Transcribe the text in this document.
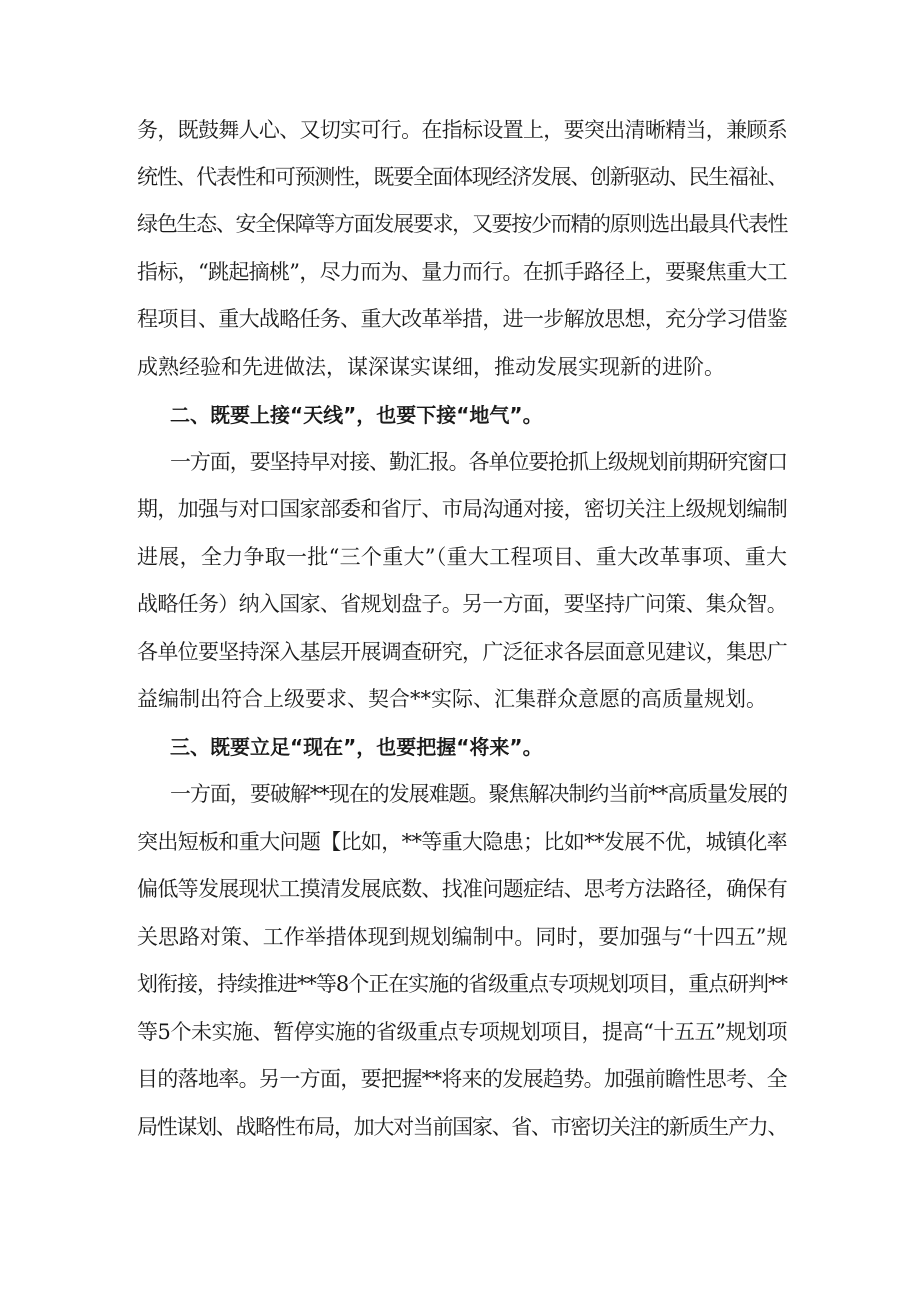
务，既鼓舞人心、又切实可行。在指标设置上，要突出清晰精当，兼顾系
统性、代表性和可预测性，既要全面体现经济发展、创新驱动、民生福祉、
绿色生态、安全保障等方面发展要求，又要按少而精的原则选出最具代表性
指标，“跳起摘桃”，尽力而为、量力而行。在抓手路径上，要聚焦重大工
程项目、重大战略任务、重大改革举措，进一步解放思想，充分学习借鉴
成熟经验和先进做法，谋深谋实谋细，推动发展实现新的进阶。
二、既要上接“天线”，也要下接“地气”。
一方面，要坚持早对接、勤汇报。各单位要抢抓上级规划前期研究窗口
期，加强与对口国家部委和省厅、市局沟通对接，密切关注上级规划编制
进展，全力争取一批“三个重大”（重大工程项目、重大改革事项、重大
战略任务）纳入国家、省规划盘子。另一方面，要坚持广问策、集众智。
各单位要坚持深入基层开展调查研究，广泛征求各层面意见建议，集思广
益编制出符合上级要求、契合**实际、汇集群众意愿的高质量规划。
三、既要立足“现在”，也要把握“将来”。
一方面，要破解**现在的发展难题。聚焦解决制约当前**高质量发展的
突出短板和重大问题【比如，**等重大隐患；比如**发展不优，城镇化率
偏低等发展现状工摸清发展底数、找准问题症结、思考方法路径，确保有
关思路对策、工作举措体现到规划编制中。同时，要加强与“十四五”规
划衔接，持续推进**等8个正在实施的省级重点专项规划项目，重点研判**
等5个未实施、暂停实施的省级重点专项规划项目，提高“十五五”规划项
目的落地率。另一方面，要把握**将来的发展趋势。加强前瞻性思考、全
局性谋划、战略性布局，加大对当前国家、省、市密切关注的新质生产力、
